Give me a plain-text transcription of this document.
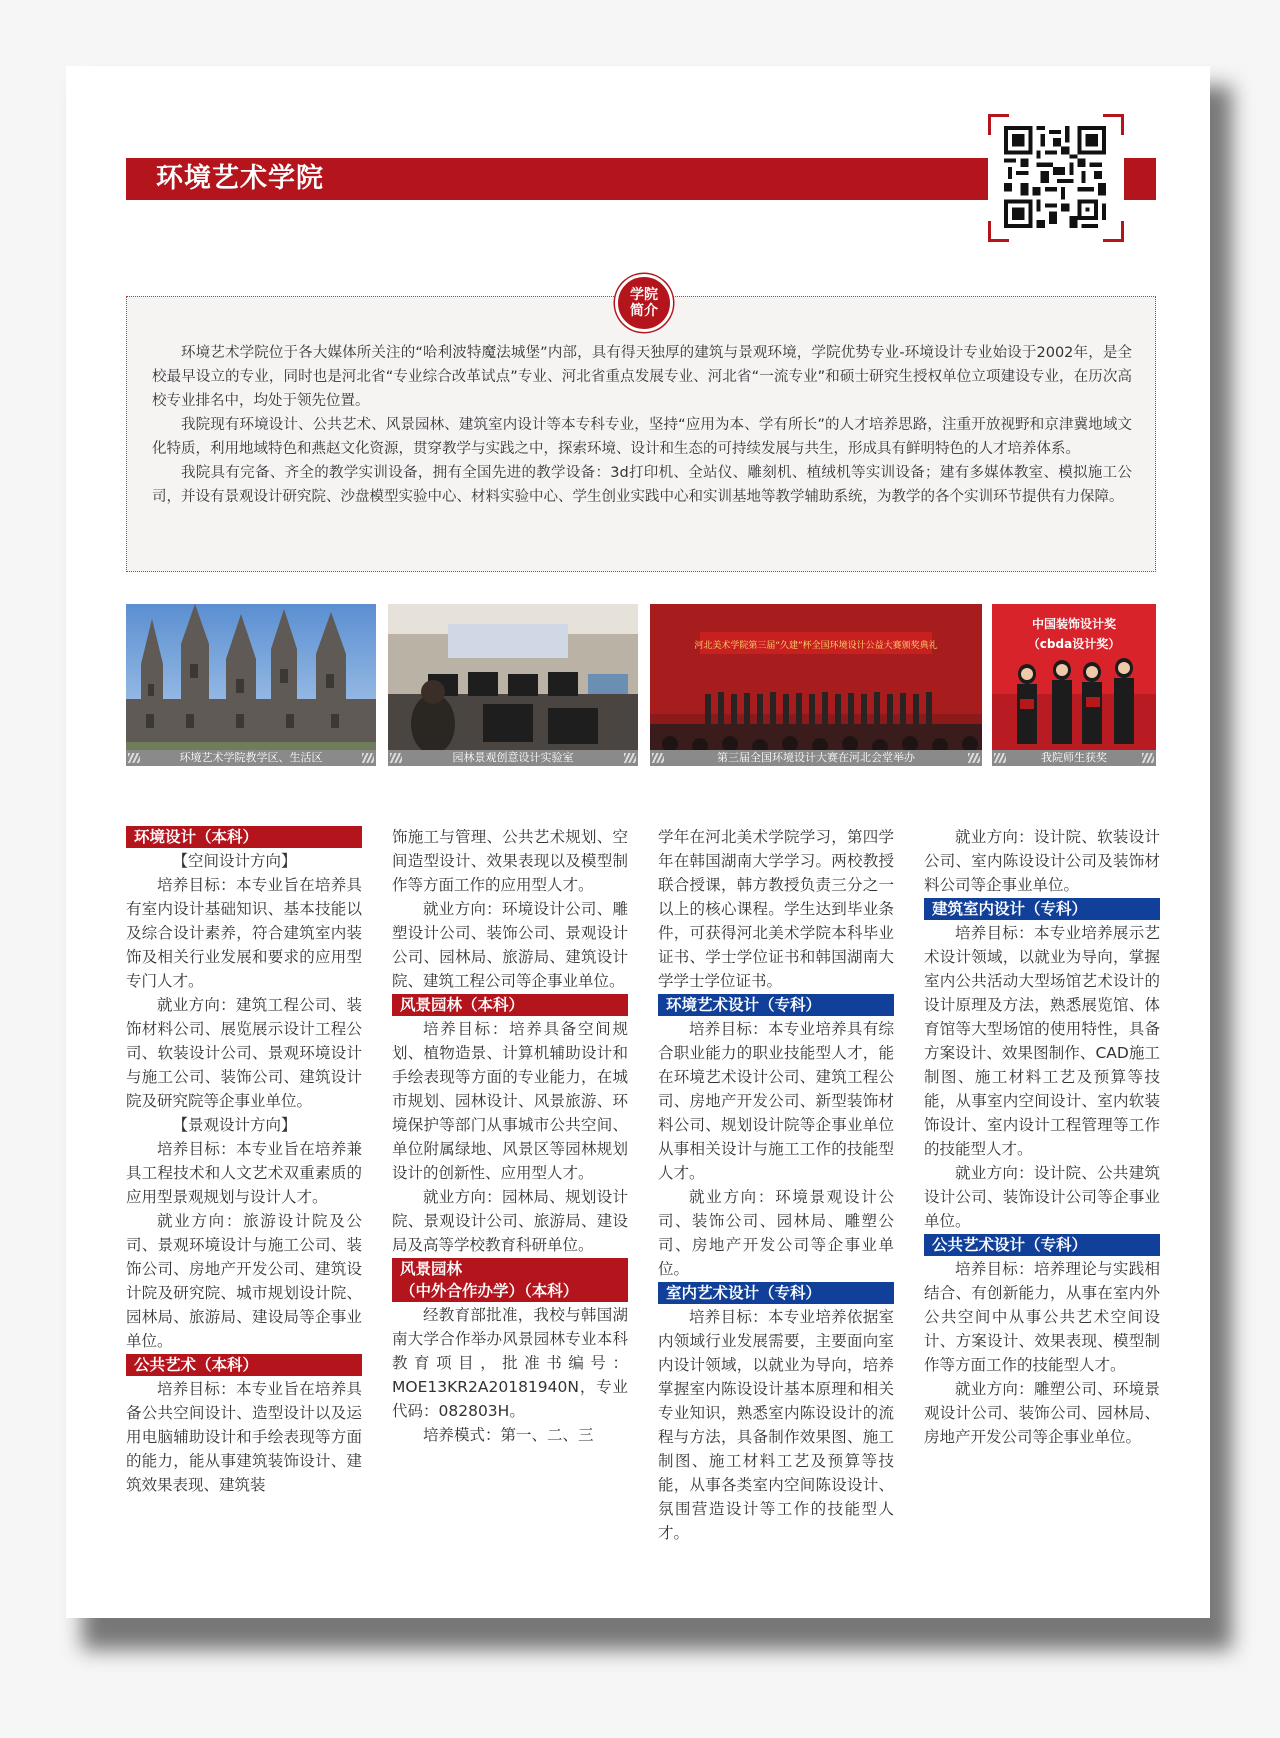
环境艺术学院

环境艺术学院位于各大媒体所关注的“哈利波特魔法城堡”内部，具有得天独厚的建筑与景观环境，学院优势专业-环境设计专业始设于2002年，是全校最早设立的专业，同时也是河北省“专业综合改革试点”专业、河北省重点发展专业、河北省“一流专业”和硕士研究生授权单位立项建设专业，在历次高校专业排名中，均处于领先位置。

我院现有环境设计、公共艺术、风景园林、建筑室内设计等本专科专业，坚持“应用为本、学有所长”的人才培养思路，注重开放视野和京津冀地域文化特质，利用地域特色和燕赵文化资源，贯穿教学与实践之中，探索环境、设计和生态的可持续发展与共生，形成具有鲜明特色的人才培养体系。

我院具有完备、齐全的教学实训设备，拥有全国先进的教学设备：3d打印机、全站仪、雕刻机、植绒机等实训设备；建有多媒体教室、模拟施工公司，并设有景观设计研究院、沙盘模型实验中心、材料实验中心、学生创业实践中心和实训基地等教学辅助系统，为教学的各个实训环节提供有力保障。

学院
简介
环境艺术学院教学区、生活区	园林景观创意设计实验室
河北美术学院第三届“久建”杯全国环境设计公益大赛颁奖典礼
第三届全国环境设计大赛在河北会堂举办
中国装饰设计奖
（cbda设计奖）
我院师生获奖
环境设计（本科）

【空间设计方向】

培养目标：本专业旨在培养具有室内设计基础知识、基本技能以及综合设计素养，符合建筑室内装饰及相关行业发展和要求的应用型专门人才。

就业方向：建筑工程公司、装饰材料公司、展览展示设计工程公司、软装设计公司、景观环境设计与施工公司、装饰公司、建筑设计院及研究院等企事业单位。

【景观设计方向】

培养目标：本专业旨在培养兼具工程技术和人文艺术双重素质的应用型景观规划与设计人才。

就业方向：旅游设计院及公司、景观环境设计与施工公司、装饰公司、房地产开发公司、建筑设计院及研究院、城市规划设计院、园林局、旅游局、建设局等企事业单位。

公共艺术（本科）

培养目标：本专业旨在培养具备公共空间设计、造型设计以及运用电脑辅助设计和手绘表现等方面的能力，能从事建筑装饰设计、建筑效果表现、建筑装

饰施工与管理、公共艺术规划、空间造型设计、效果表现以及模型制作等方面工作的应用型人才。

就业方向：环境设计公司、雕塑设计公司、装饰公司、景观设计公司、园林局、旅游局、建筑设计院、建筑工程公司等企事业单位。

风景园林（本科）

培养目标：培养具备空间规划、植物造景、计算机辅助设计和手绘表现等方面的专业能力，在城市规划、园林设计、风景旅游、环境保护等部门从事城市公共空间、单位附属绿地、风景区等园林规划设计的创新性、应用型人才。

就业方向：园林局、规划设计院、景观设计公司、旅游局、建设局及高等学校教育科研单位。

风景园林
（中外合作办学）（本科）

经教育部批准，我校与韩国湖南大学合作举办风景园林专业本科教育项目，批准书编号：MOE13KR2A20181940N，专业代码：082803H。

培养模式：第一、二、三

学年在河北美术学院学习，第四学年在韩国湖南大学学习。两校教授联合授课，韩方教授负责三分之一以上的核心课程。学生达到毕业条件，可获得河北美术学院本科毕业证书、学士学位证书和韩国湖南大学学士学位证书。

环境艺术设计（专科）

培养目标：本专业培养具有综合职业能力的职业技能型人才，能在环境艺术设计公司、建筑工程公司、房地产开发公司、新型装饰材料公司、规划设计院等企事业单位从事相关设计与施工工作的技能型人才。

就业方向：环境景观设计公司、装饰公司、园林局、雕塑公司、房地产开发公司等企事业单位。

室内艺术设计（专科）

培养目标：本专业培养依据室内领域行业发展需要，主要面向室内设计领域，以就业为导向，培养掌握室内陈设设计基本原理和相关专业知识，熟悉室内陈设设计的流程与方法，具备制作效果图、施工制图、施工材料工艺及预算等技能，从事各类室内空间陈设设计、氛围营造设计等工作的技能型人才。

就业方向：设计院、软装设计公司、室内陈设设计公司及装饰材料公司等企事业单位。

建筑室内设计（专科）

培养目标：本专业培养展示艺术设计领域，以就业为导向，掌握室内公共活动大型场馆艺术设计的设计原理及方法，熟悉展览馆、体育馆等大型场馆的使用特性，具备方案设计、效果图制作、CAD施工制图、施工材料工艺及预算等技能，从事室内空间设计、室内软装饰设计、室内设计工程管理等工作的技能型人才。

就业方向：设计院、公共建筑设计公司、装饰设计公司等企事业单位。

公共艺术设计（专科）

培养目标：培养理论与实践相结合、有创新能力，从事在室内外公共空间中从事公共艺术空间设计、方案设计、效果表现、模型制作等方面工作的技能型人才。

就业方向：雕塑公司、环境景观设计公司、装饰公司、园林局、房地产开发公司等企事业单位。
